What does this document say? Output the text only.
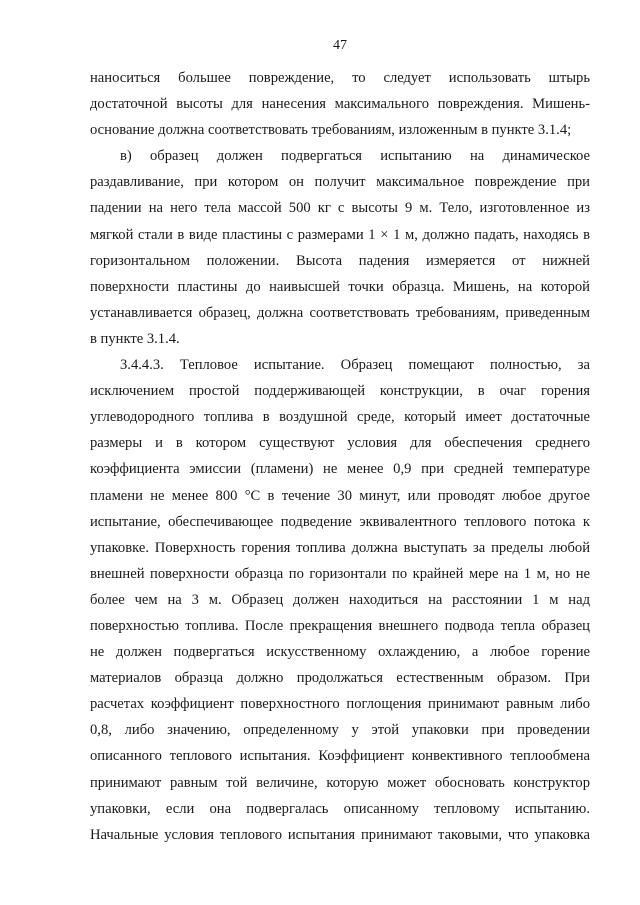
47
наноситься большее повреждение, то следует использовать штырь
достаточной высоты для нанесения максимального повреждения. Мишень-
основание должна соответствовать требованиям, изложенным в пункте 3.1.4;
в) образец должен подвергаться испытанию на динамическое
раздавливание, при котором он получит максимальное повреждение при
падении на него тела массой 500 кг с высоты 9 м. Тело, изготовленное из
мягкой стали в виде пластины с размерами 1 × 1 м, должно падать, находясь в
горизонтальном положении. Высота падения измеряется от нижней
поверхности пластины до наивысшей точки образца. Мишень, на которой
устанавливается образец, должна соответствовать требованиям, приведенным
в пункте 3.1.4.
3.4.4.3. Тепловое испытание. Образец помещают полностью, за
исключением простой поддерживающей конструкции, в очаг горения
углеводородного топлива в воздушной среде, который имеет достаточные
размеры и в котором существуют условия для обеспечения среднего
коэффициента эмиссии (пламени) не менее 0,9 при средней температуре
пламени не менее 800 °С в течение 30 минут, или проводят любое другое
испытание, обеспечивающее подведение эквивалентного теплового потока к
упаковке. Поверхность горения топлива должна выступать за пределы любой
внешней поверхности образца по горизонтали по крайней мере на 1 м, но не
более чем на 3 м. Образец должен находиться на расстоянии 1 м над
поверхностью топлива. После прекращения внешнего подвода тепла образец
не должен подвергаться искусственному охлаждению, а любое горение
материалов образца должно продолжаться естественным образом. При
расчетах коэффициент поверхностного поглощения принимают равным либо
0,8, либо значению, определенному у этой упаковки при проведении
описанного теплового испытания. Коэффициент конвективного теплообмена
принимают равным той величине, которую может обосновать конструктор
упаковки, если она подвергалась описанному тепловому испытанию.
Начальные условия теплового испытания принимают таковыми, что упаковка
